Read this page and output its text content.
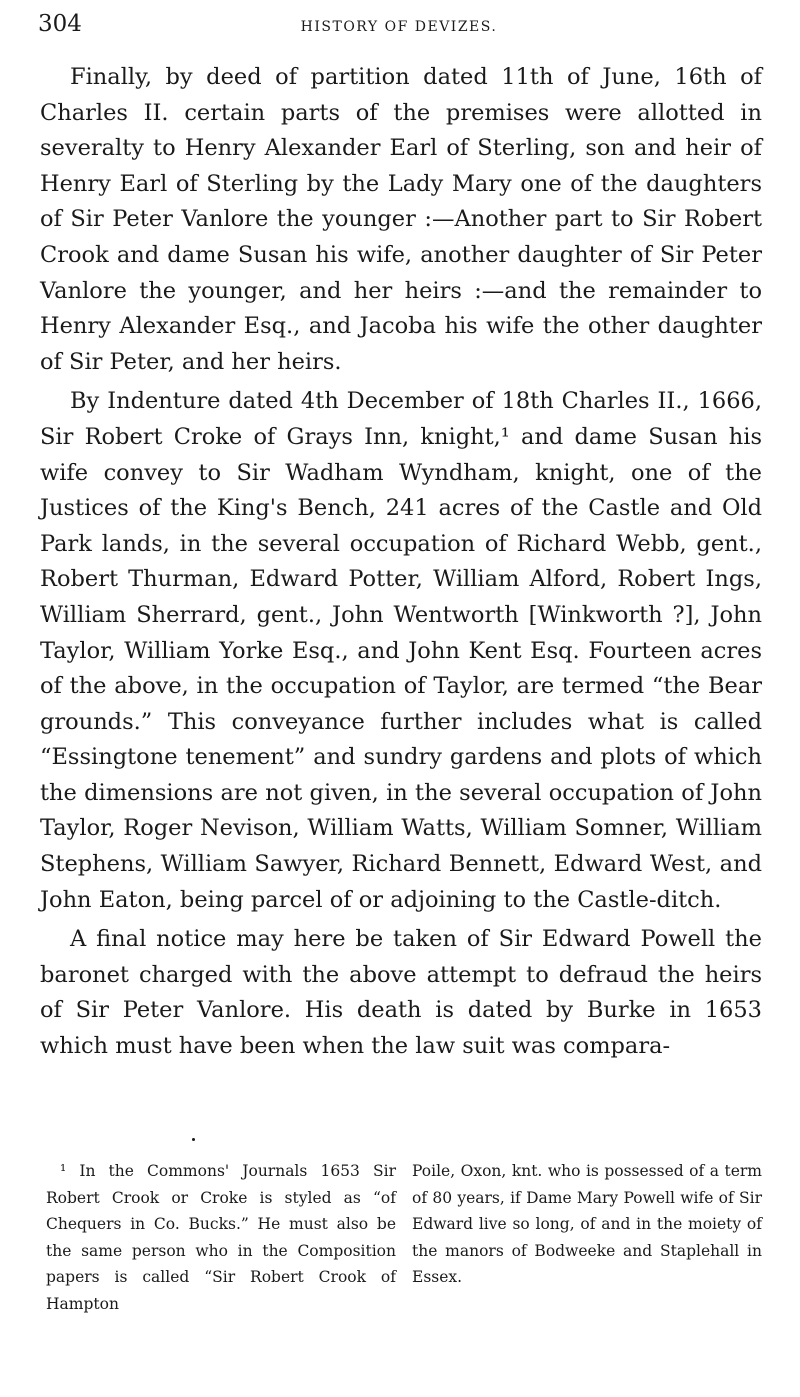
304	HISTORY OF DEVIZES.

Finally, by deed of partition dated 11th of June, 16th of Charles II. certain parts of the premises were allotted in severalty to Henry Alexander Earl of Sterling, son and heir of Henry Earl of Sterling by the Lady Mary one of the daughters of Sir Peter Vanlore the younger :—Another part to Sir Robert Crook and dame Susan his wife, another daughter of Sir Peter Vanlore the younger, and her heirs :—and the remainder to Henry Alexander Esq., and Jacoba his wife the other daughter of Sir Peter, and her heirs.

By Indenture dated 4th December of 18th Charles II., 1666, Sir Robert Croke of Grays Inn, knight,¹ and dame Susan his wife convey to Sir Wadham Wyndham, knight, one of the Justices of the King's Bench, 241 acres of the Castle and Old Park lands, in the several occupation of Richard Webb, gent., Robert Thurman, Edward Potter, William Alford, Robert Ings, William Sherrard, gent., John Wentworth [Winkworth ?], John Taylor, William Yorke Esq., and John Kent Esq. Fourteen acres of the above, in the occupation of Taylor, are termed “the Bear grounds.” This conveyance further includes what is called “Essingtone tenement” and sundry gardens and plots of which the dimensions are not given, in the several occupation of John Taylor, Roger Nevison, William Watts, William Somner, William Stephens, William Sawyer, Richard Bennett, Edward West, and John Eaton, being parcel of or adjoining to the Castle-ditch.

A final notice may here be taken of Sir Edward Powell the baronet charged with the above attempt to defraud the heirs of Sir Peter Vanlore. His death is dated by Burke in 1653 which must have been when the law suit was compara-

¹ In the Commons' Journals 1653 Sir Robert Crook or Croke is styled as “of Chequers in Co. Bucks.” He must also be the same person who in the Composition papers is called “Sir Robert Crook of Hampton

Poile, Oxon, knt. who is possessed of a term of 80 years, if Dame Mary Powell wife of Sir Edward live so long, of and in the moiety of the manors of Bodweeke and Staplehall in Essex.
